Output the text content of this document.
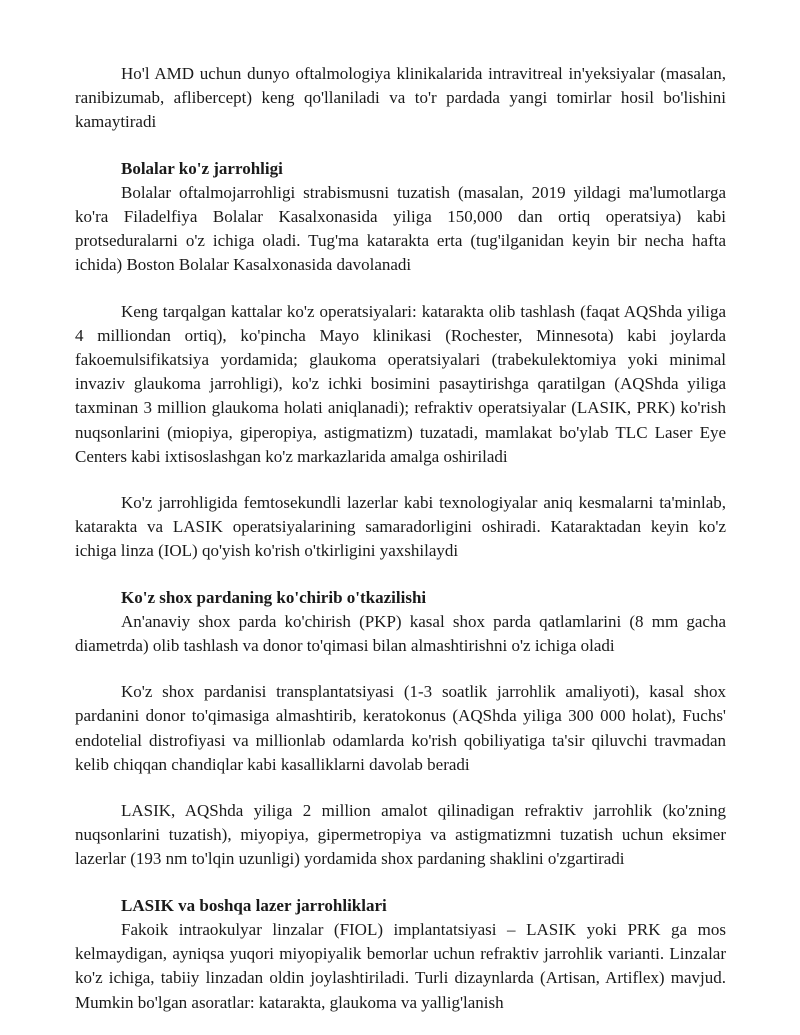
Ho'l AMD uchun dunyo oftalmologiya klinikalarida intravitreal in'yeksiyalar (masalan, ranibizumab, aflibercept) keng qo'llaniladi va to'r pardada yangi tomirlar hosil bo'lishini kamaytiradi

Bolalar ko'z jarrohligi

Bolalar oftalmojarrohligi strabismusni tuzatish (masalan, 2019 yildagi ma'lumotlarga ko'ra Filadelfiya Bolalar Kasalxonasida yiliga 150,000 dan ortiq operatsiya) kabi protseduralarni o'z ichiga oladi. Tug'ma katarakta erta (tug'ilganidan keyin bir necha hafta ichida) Boston Bolalar Kasalxonasida davolanadi

Keng tarqalgan kattalar ko'z operatsiyalari: katarakta olib tashlash (faqat AQShda yiliga 4 milliondan ortiq), ko'pincha Mayo klinikasi (Rochester, Minnesota) kabi joylarda fakoemulsifikatsiya yordamida; glaukoma operatsiyalari (trabekulektomiya yoki minimal invaziv glaukoma jarrohligi), ko'z ichki bosimini pasaytirishga qaratilgan (AQShda yiliga taxminan 3 million glaukoma holati aniqlanadi); refraktiv operatsiyalar (LASIK, PRK) ko'rish nuqsonlarini (miopiya, giperopiya, astigmatizm) tuzatadi, mamlakat bo'ylab TLC Laser Eye Centers kabi ixtisoslashgan ko'z markazlarida amalga oshiriladi

Ko'z jarrohligida femtosekundli lazerlar kabi texnologiyalar aniq kesmalarni ta'minlab, katarakta va LASIK operatsiyalarining samaradorligini oshiradi. Kataraktadan keyin ko'z ichiga linza (IOL) qo'yish ko'rish o'tkirligini yaxshilaydi

Ko'z shox pardaning ko'chirib o'tkazilishi

An'anaviy shox parda ko'chirish (PKP) kasal shox parda qatlamlarini (8 mm gacha diametrda) olib tashlash va donor to'qimasi bilan almashtirishni o'z ichiga oladi

Ko'z shox pardanisi transplantatsiyasi (1-3 soatlik jarrohlik amaliyoti), kasal shox pardanini donor to'qimasiga almashtirib, keratokonus (AQShda yiliga 300 000 holat), Fuchs' endotelial distrofiyasi va millionlab odamlarda ko'rish qobiliyatiga ta'sir qiluvchi travmadan kelib chiqqan chandiqlar kabi kasalliklarni davolab beradi

LASIK, AQShda yiliga 2 million amalot qilinadigan refraktiv jarrohlik (ko'zning nuqsonlarini tuzatish), miyopiya, gipermetropiya va astigmatizmni tuzatish uchun eksimer lazerlar (193 nm to'lqin uzunligi) yordamida shox pardaning shaklini o'zgartiradi

LASIK va boshqa lazer jarrohliklari

Fakoik intraokulyar linzalar (FIOL) implantatsiyasi – LASIK yoki PRK ga mos kelmaydigan, ayniqsa yuqori miyopiyalik bemorlar uchun refraktiv jarrohlik varianti. Linzalar ko'z ichiga, tabiiy linzadan oldin joylashtiriladi. Turli dizaynlarda (Artisan, Artiflex) mavjud. Mumkin bo'lgan asoratlar: katarakta, glaukoma va yallig'lanish
